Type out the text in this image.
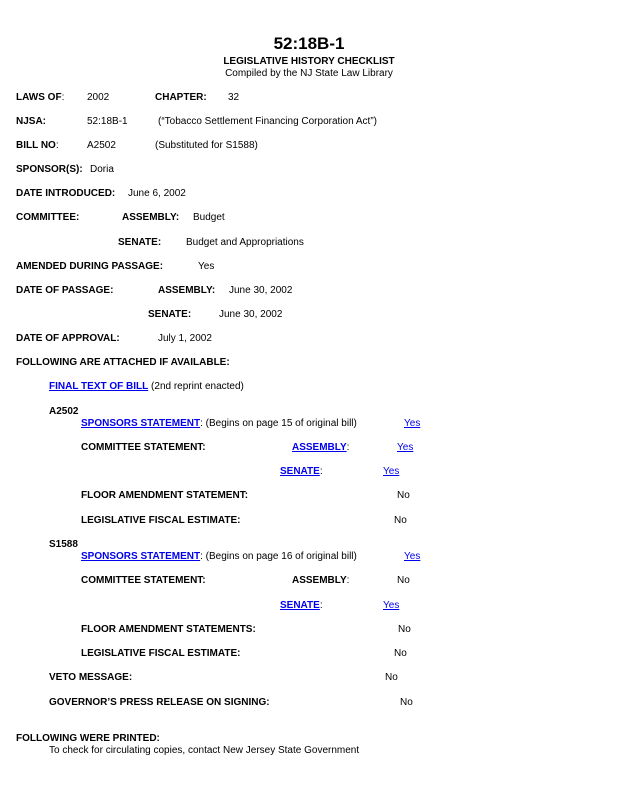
52:18B-1
LEGISLATIVE HISTORY CHECKLIST
Compiled by the NJ State Law Library
LAWS OF: 2002	CHAPTER: 32
NJSA:	52:18B-1	(“Tobacco Settlement Financing Corporation Act”)
BILL NO:	A2502	(Substituted for S1588)
SPONSOR(S): Doria
DATE INTRODUCED: June 6, 2002
COMMITTEE:	ASSEMBLY: Budget
SENATE: Budget and Appropriations
AMENDED DURING PASSAGE:	Yes
DATE OF PASSAGE:	ASSEMBLY: June 30, 2002
SENATE:	June 30, 2002
DATE OF APPROVAL:	July 1, 2002
FOLLOWING ARE ATTACHED IF AVAILABLE:
FINAL TEXT OF BILL (2nd reprint enacted)
A2502
SPONSORS STATEMENT: (Begins on page 15 of original bill)	Yes
COMMITTEE STATEMENT:	ASSEMBLY:	Yes
SENATE:	Yes
FLOOR AMENDMENT STATEMENT:	No
LEGISLATIVE FISCAL ESTIMATE:	No
S1588
SPONSORS STATEMENT: (Begins on page 16 of original bill)	Yes
COMMITTEE STATEMENT:	ASSEMBLY:	No
SENATE:	Yes
FLOOR AMENDMENT STATEMENTS:	No
LEGISLATIVE FISCAL ESTIMATE:	No
VETO MESSAGE:	No
GOVERNOR’S PRESS RELEASE ON SIGNING:	No
FOLLOWING WERE PRINTED:
To check for circulating copies, contact New Jersey State Government
